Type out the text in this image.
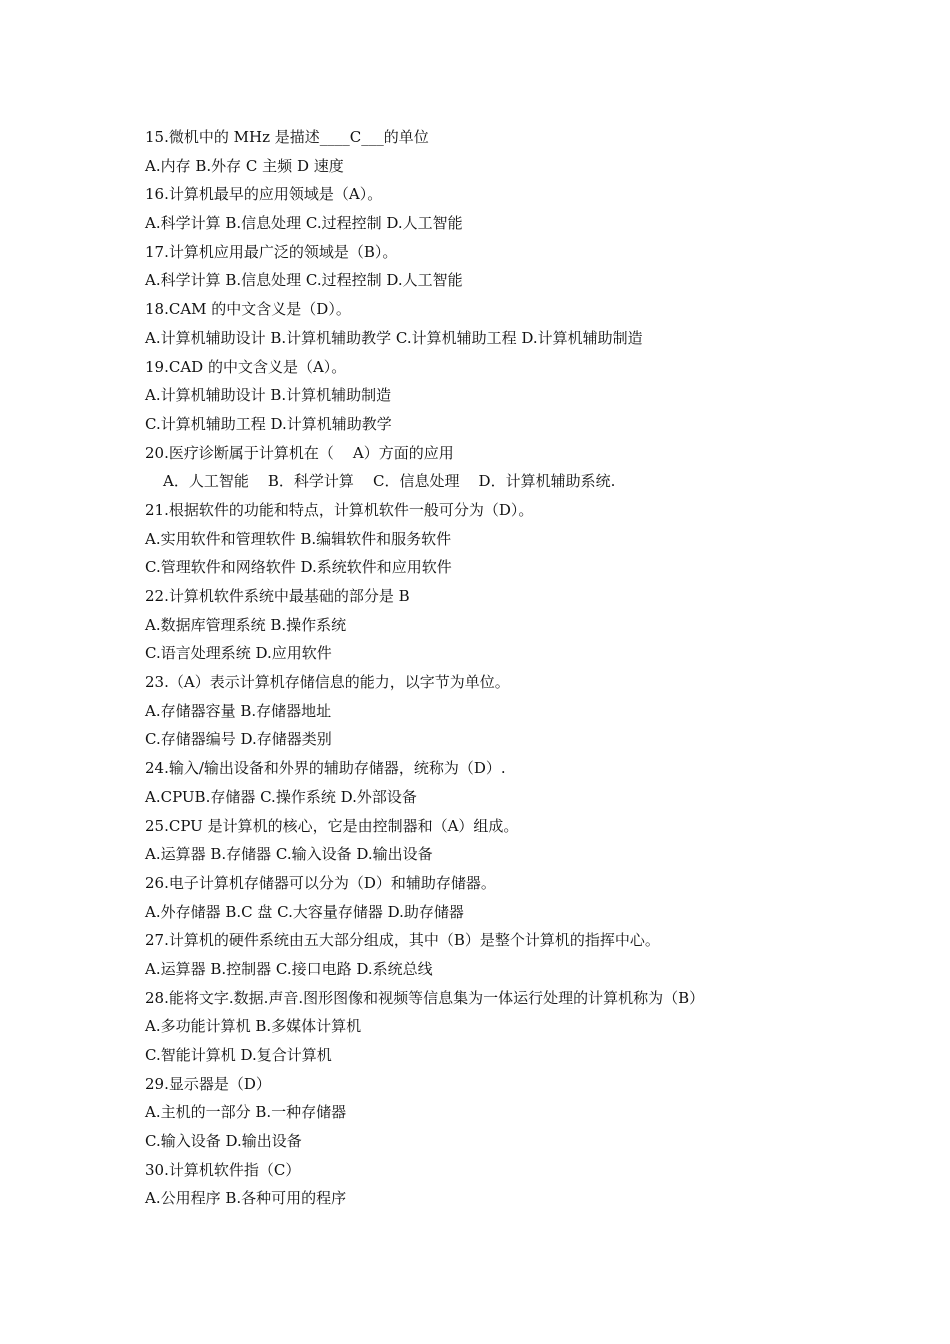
15.微机中的 MHz 是描述____C___的单位
A.内存 B.外存 C 主频 D 速度
16.计算机最早的应用领域是（A）。
A.科学计算 B.信息处理 C.过程控制 D.人工智能
17.计算机应用最广泛的领域是（B）。
A.科学计算 B.信息处理 C.过程控制 D.人工智能
18.CAM 的中文含义是（D）。
A.计算机辅助设计 B.计算机辅助教学 C.计算机辅助工程 D.计算机辅助制造
19.CAD 的中文含义是（A）。
A.计算机辅助设计 B.计算机辅助制造
C.计算机辅助工程 D.计算机辅助教学
20.医疗诊断属于计算机在（    A）方面的应用
A．人工智能    B．科学计算    C．信息处理    D．计算机辅助系统.
21.根据软件的功能和特点，计算机软件一般可分为（D）。
A.实用软件和管理软件 B.编辑软件和服务软件
C.管理软件和网络软件 D.系统软件和应用软件
22.计算机软件系统中最基础的部分是 B
A.数据库管理系统 B.操作系统
C.语言处理系统 D.应用软件
23.（A）表示计算机存储信息的能力，以字节为单位。
A.存储器容量 B.存储器地址
C.存储器编号 D.存储器类别
24.输入/输出设备和外界的辅助存储器，统称为（D）.
A.CPUB.存储器 C.操作系统 D.外部设备
25.CPU 是计算机的核心，它是由控制器和（A）组成。
A.运算器 B.存储器 C.输入设备 D.输出设备
26.电子计算机存储器可以分为（D）和辅助存储器。
A.外存储器 B.C 盘 C.大容量存储器 D.助存储器
27.计算机的硬件系统由五大部分组成，其中（B）是整个计算机的指挥中心。
A.运算器 B.控制器 C.接口电路 D.系统总线
28.能将文字.数据.声音.图形图像和视频等信息集为一体运行处理的计算机称为（B）
A.多功能计算机 B.多媒体计算机
C.智能计算机 D.复合计算机
29.显示器是（D）
A.主机的一部分 B.一种存储器
C.输入设备 D.输出设备
30.计算机软件指（C）
A.公用程序 B.各种可用的程序
